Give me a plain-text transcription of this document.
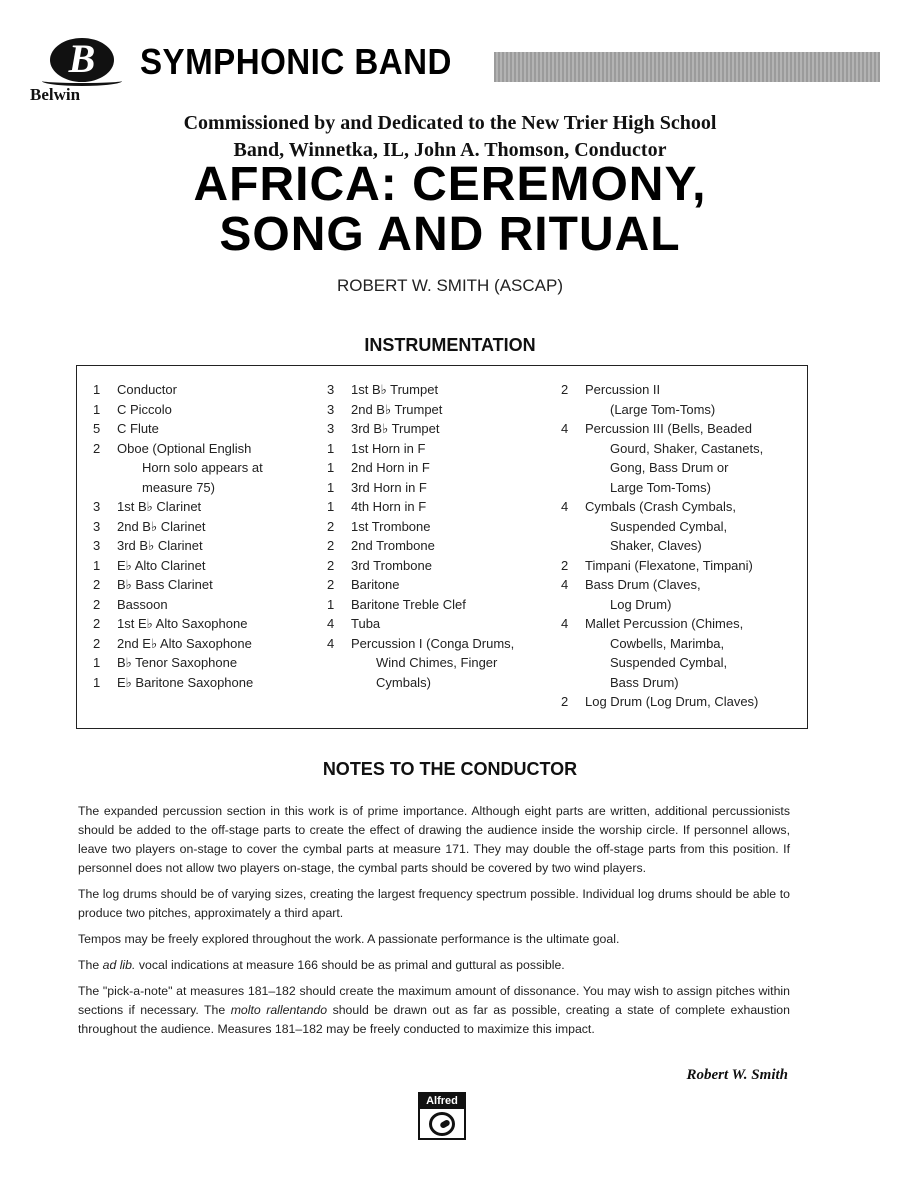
B
Belwin
SYMPHONIC BAND
Commissioned by and Dedicated to the New Trier High School
Band, Winnetka, IL, John A. Thomson, Conductor
AFRICA: CEREMONY,
SONG AND RITUAL
ROBERT W. SMITH (ASCAP)
INSTRUMENTATION
1	Conductor
1	C Piccolo
5	C Flute
2	Oboe (Optional English
Horn solo appears at
measure 75)
3	1st B♭ Clarinet
3	2nd B♭ Clarinet
3	3rd B♭ Clarinet
1	E♭ Alto Clarinet
2	B♭ Bass Clarinet
2	Bassoon
2	1st E♭ Alto Saxophone
2	2nd E♭ Alto Saxophone
1	B♭ Tenor Saxophone
1	E♭ Baritone Saxophone
3	1st B♭ Trumpet
3	2nd B♭ Trumpet
3	3rd B♭ Trumpet
1	1st Horn in F
1	2nd Horn in F
1	3rd Horn in F
1	4th Horn in F
2	1st Trombone
2	2nd Trombone
2	3rd Trombone
2	Baritone
1	Baritone Treble Clef
4	Tuba
4	Percussion I (Conga Drums,
Wind Chimes, Finger
Cymbals)
2	Percussion II
(Large Tom-Toms)
4	Percussion III (Bells, Beaded
Gourd, Shaker, Castanets,
Gong, Bass Drum or
Large Tom-Toms)
4	Cymbals (Crash Cymbals,
Suspended Cymbal,
Shaker, Claves)
2	Timpani (Flexatone, Timpani)
4	Bass Drum (Claves,
Log Drum)
4	Mallet Percussion (Chimes,
Cowbells, Marimba,
Suspended Cymbal,
Bass Drum)
2	Log Drum (Log Drum, Claves)
NOTES TO THE CONDUCTOR

The expanded percussion section in this work is of prime importance. Although eight parts are written, additional percussionists should be added to the off-stage parts to create the effect of drawing the audience inside the worship circle. If personnel allows, leave two players on-stage to cover the cymbal parts at measure 171. They may double the off-stage parts from this position. If personnel does not allow two players on-stage, the cymbal parts should be covered by two wind players.

The log drums should be of varying sizes, creating the largest frequency spectrum possible. Individual log drums should be able to produce two pitches, approximately a third apart.

Tempos may be freely explored throughout the work. A passionate performance is the ultimate goal.

The ad lib. vocal indications at measure 166 should be as primal and guttural as possible.

The "pick-a-note" at measures 181–182 should create the maximum amount of dissonance. You may wish to assign pitches within sections if necessary. The molto rallentando should be drawn out as far as possible, creating a state of complete exhaustion throughout the audience. Measures 181–182 may be freely conducted to maximize this impact.

Robert W. Smith
Alfred
